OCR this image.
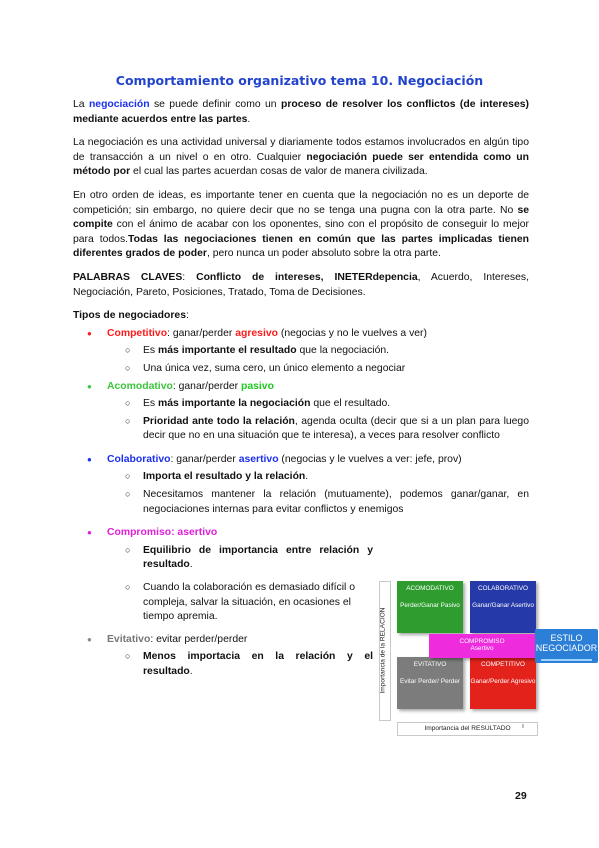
Comportamiento organizativo tema 10. Negociación

La negociación se puede definir como un proceso de resolver los conflictos (de intereses) mediante acuerdos entre las partes.

La negociación es una actividad universal y diariamente todos estamos involucrados en algún tipo de transacción a un nivel o en otro. Cualquier negociación puede ser entendida como un método por el cual las partes acuerdan cosas de valor de manera civilizada.

En otro orden de ideas, es importante tener en cuenta que la negociación no es un deporte de competición; sin embargo, no quiere decir que no se tenga una pugna con la otra parte. No se compite con el ánimo de acabar con los oponentes, sino con el propósito de conseguir lo mejor para todos.Todas las negociaciones tienen en común que las partes implicadas tienen diferentes grados de poder, pero nunca un poder absoluto sobre la otra parte.

PALABRAS CLAVES: Conflicto de intereses, INETERdepencia, Acuerdo, Intereses, Negociación, Pareto, Posiciones, Tratado, Toma de Decisiones.

Tipos de negociadores:
● Competitivo: ganar/perder agresivo (negocias y no le vuelves a ver)
○ Es más importante el resultado que la negociación.
○ Una única vez, suma cero, un único elemento a negociar
● Acomodativo: ganar/perder pasivo
○ Es más importante la negociación que el resultado.
○ Prioridad ante todo la relación, agenda oculta (decir que si a un plan para luego decir que no en una situación que te interesa), a veces para resolver conflicto
● Colaborativo: ganar/perder asertivo (negocias y le vuelves a ver: jefe, prov)
○ Importa el resultado y la relación.
○ Necesitamos mantener la relación (mutuamente), podemos ganar/ganar, en negociaciones internas para evitar conflictos y enemigos
● Compromiso: asertivo
○ Equilibrio de importancia entre relación y resultado.
○ Cuando la colaboración es demasiado difícil o compleja, salvar la situación, en ocasiones el tiempo apremia.
● Evitativo: evitar perder/perder
○ Menos importacia en la relación y el resultado.	Importancia de la RELACION
ACOMODATIVO
Perder/Ganar Pasivo
COLABORATIVO
Ganar/Ganar Asertivo
EVITATIVO
Evitar Perder/ Perder
COMPETITIVO
Ganar/Perder Agresivo
COMPROMISO
Asertivo
ESTILO
NEGOCIADOR
Importancia del RESULTADO	ı
29
